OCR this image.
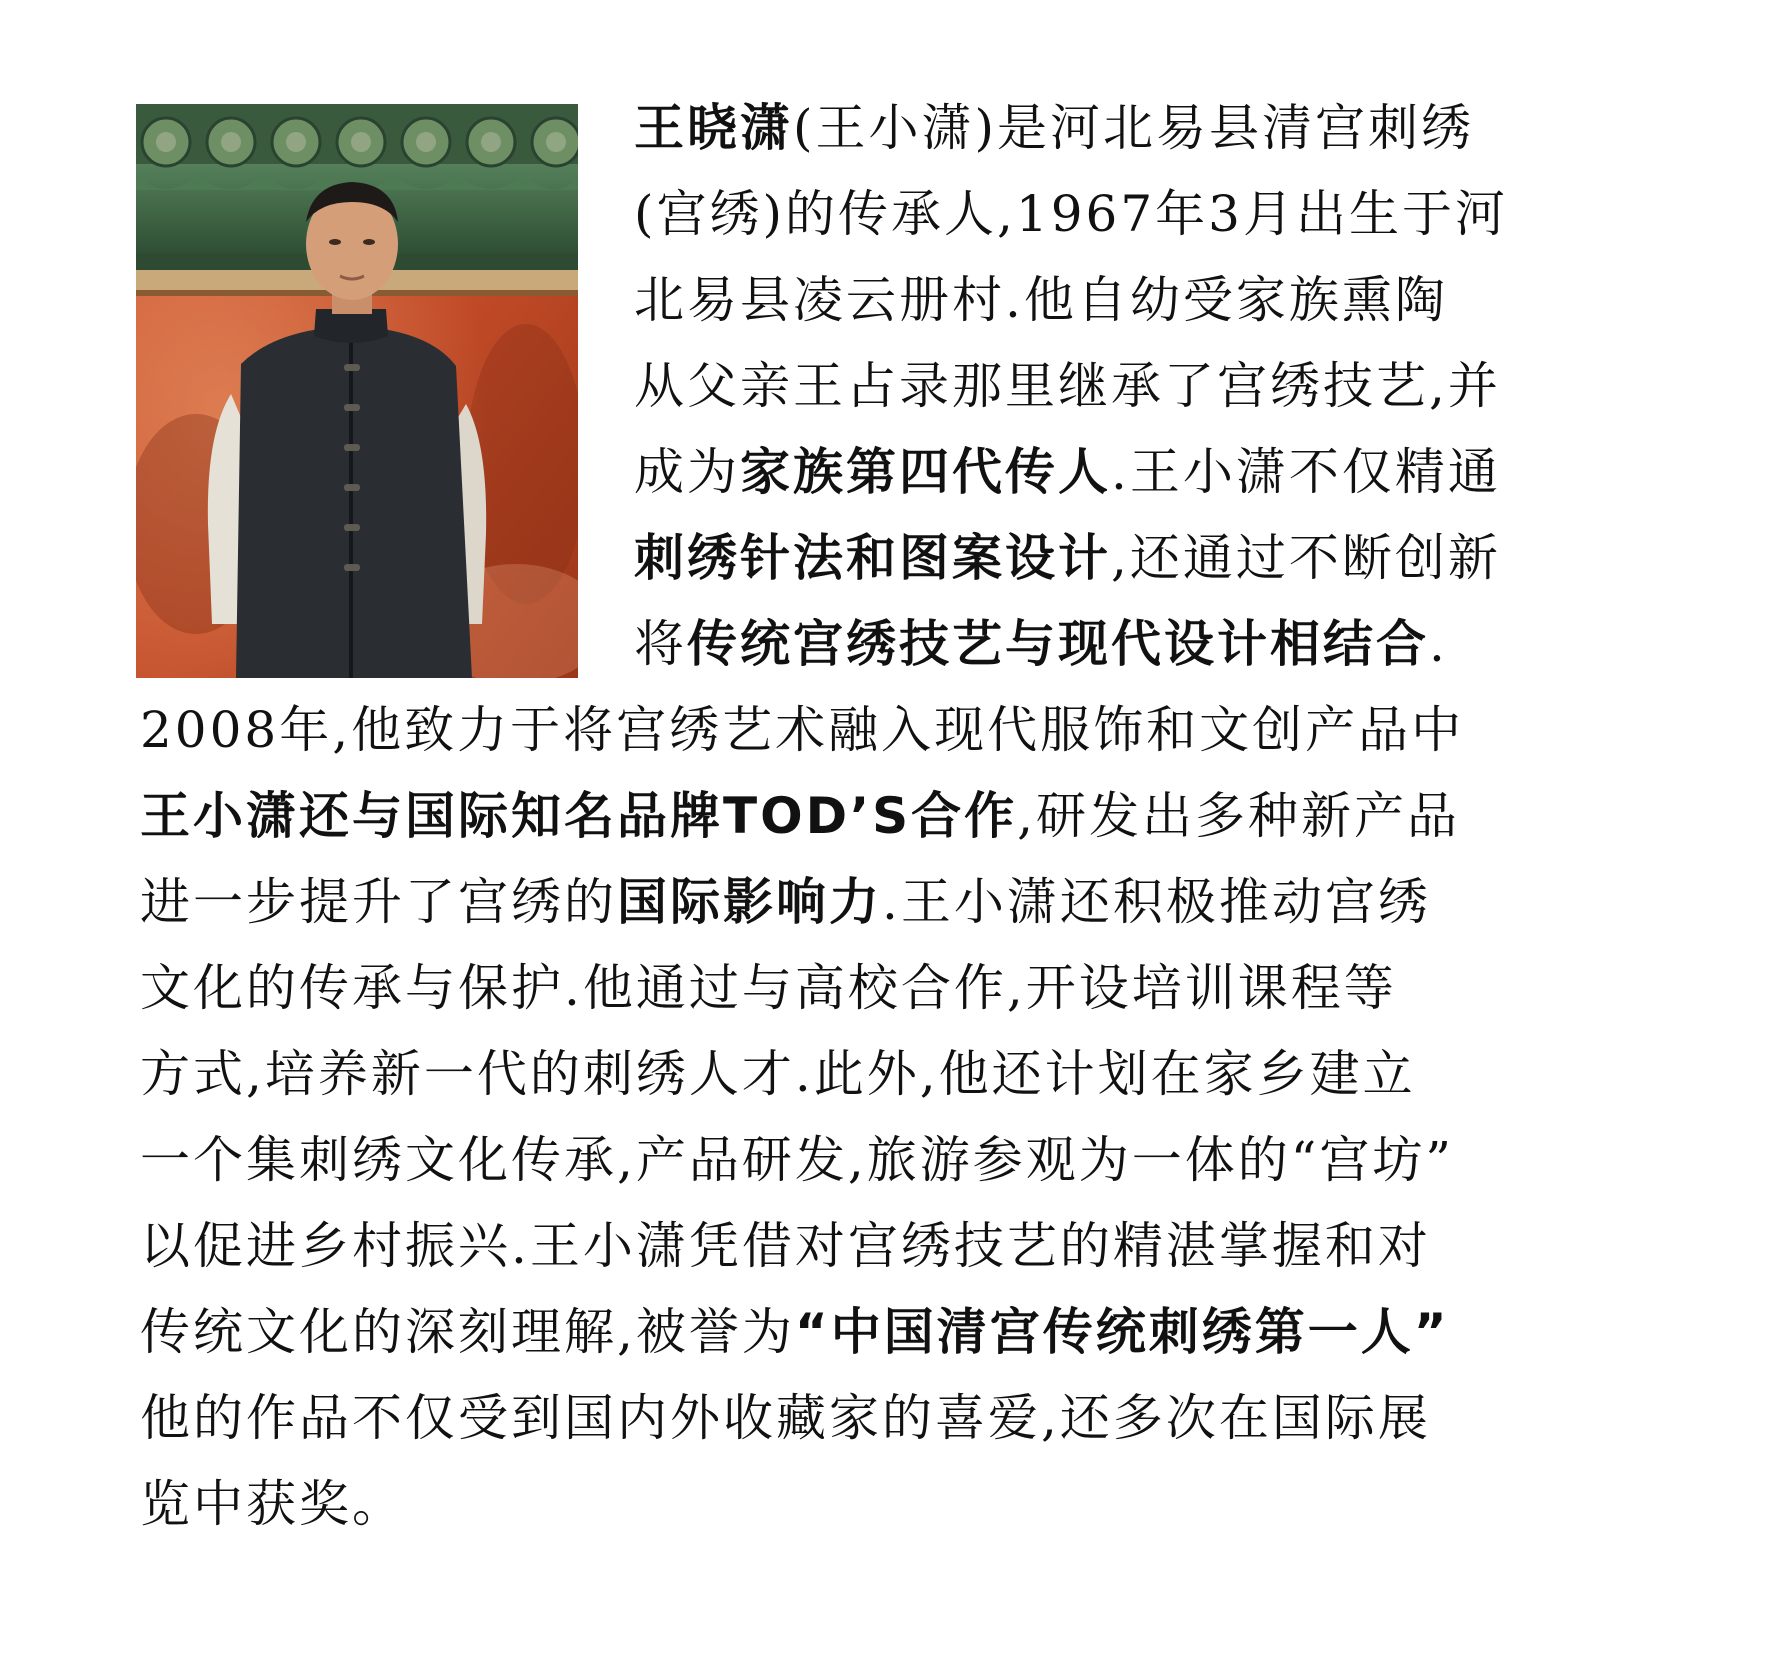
王晓潇(王小潇)是河北易县清宫刺绣
(宫绣)的传承人,1967年3月出生于河
北易县凌云册村.他自幼受家族熏陶
从父亲王占录那里继承了宫绣技艺,并
成为家族第四代传人.王小潇不仅精通
刺绣针法和图案设计,还通过不断创新
将传统宫绣技艺与现代设计相结合.
2008年,他致力于将宫绣艺术融入现代服饰和文创产品中
王小潇还与国际知名品牌TOD’S合作,研发出多种新产品
进一步提升了宫绣的国际影响力.王小潇还积极推动宫绣
文化的传承与保护.他通过与高校合作,开设培训课程等
方式,培养新一代的刺绣人才.此外,他还计划在家乡建立
一个集刺绣文化传承,产品研发,旅游参观为一体的“宫坊”
以促进乡村振兴.王小潇凭借对宫绣技艺的精湛掌握和对
传统文化的深刻理解,被誉为“中国清宫传统刺绣第一人”
他的作品不仅受到国内外收藏家的喜爱,还多次在国际展
览中获奖。
